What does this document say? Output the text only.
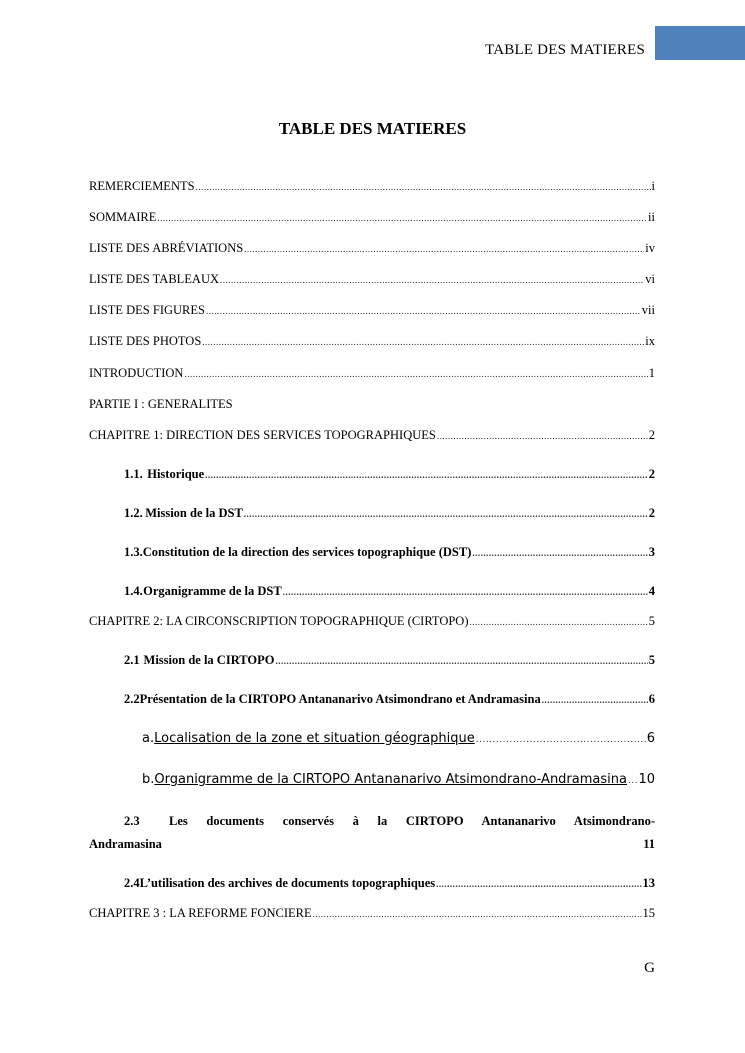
TABLE DES MATIERES
TABLE DES MATIERES
REMERCIEMENTS .....	i
SOMMAIRE .....	ii
LISTE DES ABRÉVIATIONS .....	iv
LISTE DES TABLEAUX .....	vi
LISTE DES FIGURES .....	vii
LISTE DES PHOTOS .....	ix
INTRODUCTION .....	1
PARTIE I : GENERALITES
CHAPITRE 1: DIRECTION DES SERVICES TOPOGRAPHIQUES .....	2
1.1. Historique .....	2
1.2. Mission de la DST .....	2
1.3. Constitution de la direction des services topographique (DST) .....	3
1.4. Organigramme de la DST .....	4
CHAPITRE 2: LA CIRCONSCRIPTION TOPOGRAPHIQUE (CIRTOPO) .....	5
2.1 Mission de la CIRTOPO .....	5
2.2 Présentation de la CIRTOPO Antananarivo Atsimondrano et Andramasina .....	6
a. Localisation de la zone et situation géographique .....	6
b. Organigramme de la CIRTOPO Antananarivo Atsimondrano-Andramasina ..... 10
2.3	Les documents conservés à la CIRTOPO Antananarivo Atsimondrano-
Andramasina	11
2.4 L’utilisation des archives de documents topographiques .....	13
CHAPITRE 3 : LA REFORME FONCIERE .....	15
G
